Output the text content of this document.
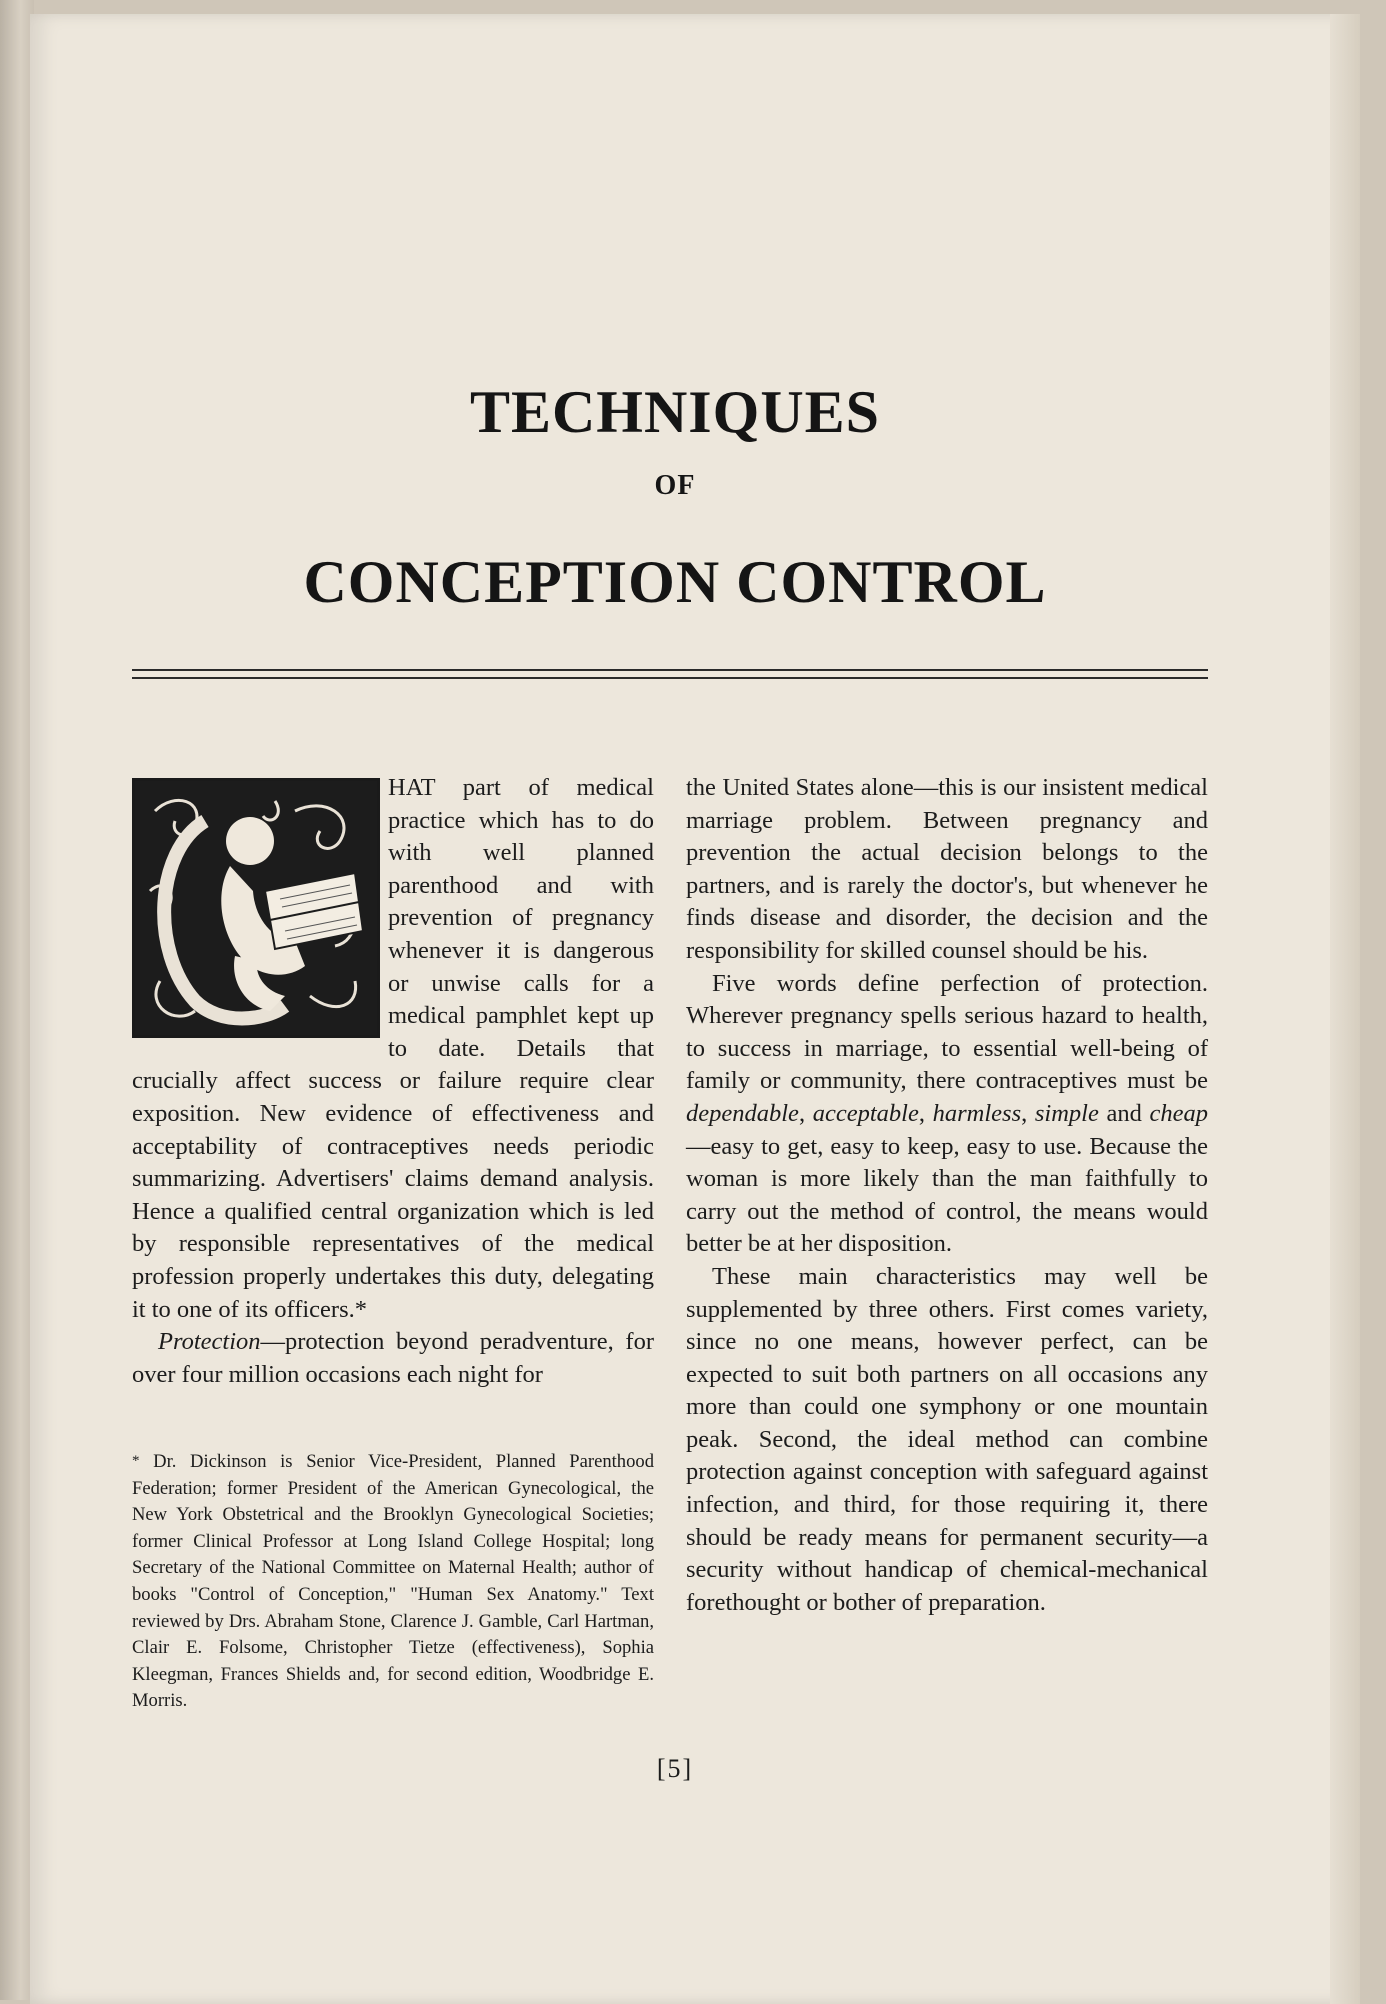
TECHNIQUES
OF
CONCEPTION CONTROL

HAT part of medical practice which has to do with well planned parenthood and with prevention of pregnancy whenever it is dangerous or unwise calls for a medical pamphlet kept up to date. Details that crucially affect success or failure require clear exposition. New evidence of effectiveness and acceptability of contraceptives needs periodic summarizing. Advertisers' claims demand analysis. Hence a qualified central organization which is led by responsible representatives of the medical profession properly undertakes this duty, delegating it to one of its officers.*

Protection—protection beyond peradventure, for over four million occasions each night for

* Dr. Dickinson is Senior Vice-President, Planned Parenthood Federation; former President of the American Gynecological, the New York Obstetrical and the Brooklyn Gynecological Societies; former Clinical Professor at Long Island College Hospital; long Secretary of the National Committee on Maternal Health; author of books "Control of Conception," "Human Sex Anatomy." Text reviewed by Drs. Abraham Stone, Clarence J. Gamble, Carl Hartman, Clair E. Folsome, Christopher Tietze (effectiveness), Sophia Kleegman, Frances Shields and, for second edition, Woodbridge E. Morris.

the United States alone—this is our insistent medical marriage problem. Between pregnancy and prevention the actual decision belongs to the partners, and is rarely the doctor's, but whenever he finds disease and disorder, the decision and the responsibility for skilled counsel should be his.

Five words define perfection of protection. Wherever pregnancy spells serious hazard to health, to success in marriage, to essential well-being of family or community, there contraceptives must be dependable, acceptable, harmless, simple and cheap—easy to get, easy to keep, easy to use. Because the woman is more likely than the man faithfully to carry out the method of control, the means would better be at her disposition.

These main characteristics may well be supplemented by three others. First comes variety, since no one means, however perfect, can be expected to suit both partners on all occasions any more than could one symphony or one mountain peak. Second, the ideal method can combine protection against conception with safeguard against infection, and third, for those requiring it, there should be ready means for permanent security—a security without handicap of chemical-mechanical forethought or bother of preparation.

[5]
